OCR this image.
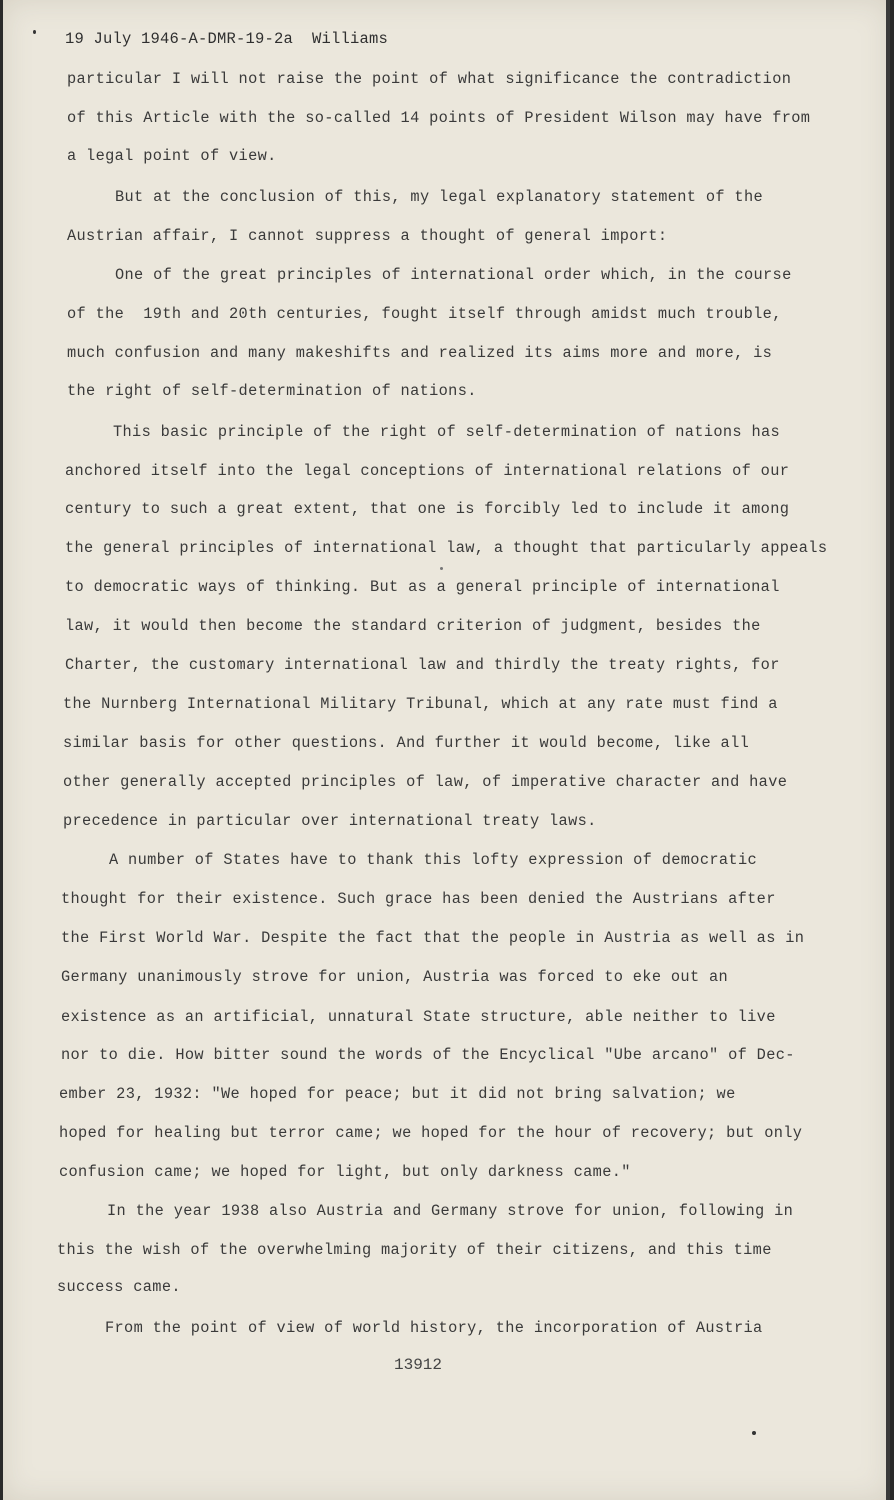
19 July 1946-A-DMR-19-2a  Williams
particular I will not raise the point of what significance the contradiction
of this Article with the so-called 14 points of President Wilson may have from
a legal point of view.
But at the conclusion of this, my legal explanatory statement of the
Austrian affair, I cannot suppress a thought of general import:
One of the great principles of international order which, in the course
of the  19th and 20th centuries, fought itself through amidst much trouble,
much confusion and many makeshifts and realized its aims more and more, is
the right of self-determination of nations.
This basic principle of the right of self-determination of nations has
anchored itself into the legal conceptions of international relations of our
century to such a great extent, that one is forcibly led to include it among
the general principles of international law, a thought that particularly appeals
to democratic ways of thinking. But as a general principle of international
law, it would then become the standard criterion of judgment, besides the
Charter, the customary international law and thirdly the treaty rights, for
the Nurnberg International Military Tribunal, which at any rate must find a
similar basis for other questions. And further it would become, like all
other generally accepted principles of law, of imperative character and have
precedence in particular over international treaty laws.
A number of States have to thank this lofty expression of democratic
thought for their existence. Such grace has been denied the Austrians after
the First World War. Despite the fact that the people in Austria as well as in
Germany unanimously strove for union, Austria was forced to eke out an
existence as an artificial, unnatural State structure, able neither to live
nor to die. How bitter sound the words of the Encyclical "Ube arcano" of Dec-
ember 23, 1932: "We hoped for peace; but it did not bring salvation; we
hoped for healing but terror came; we hoped for the hour of recovery; but only
confusion came; we hoped for light, but only darkness came."
In the year 1938 also Austria and Germany strove for union, following in
this the wish of the overwhelming majority of their citizens, and this time
success came.
From the point of view of world history, the incorporation of Austria
13912
